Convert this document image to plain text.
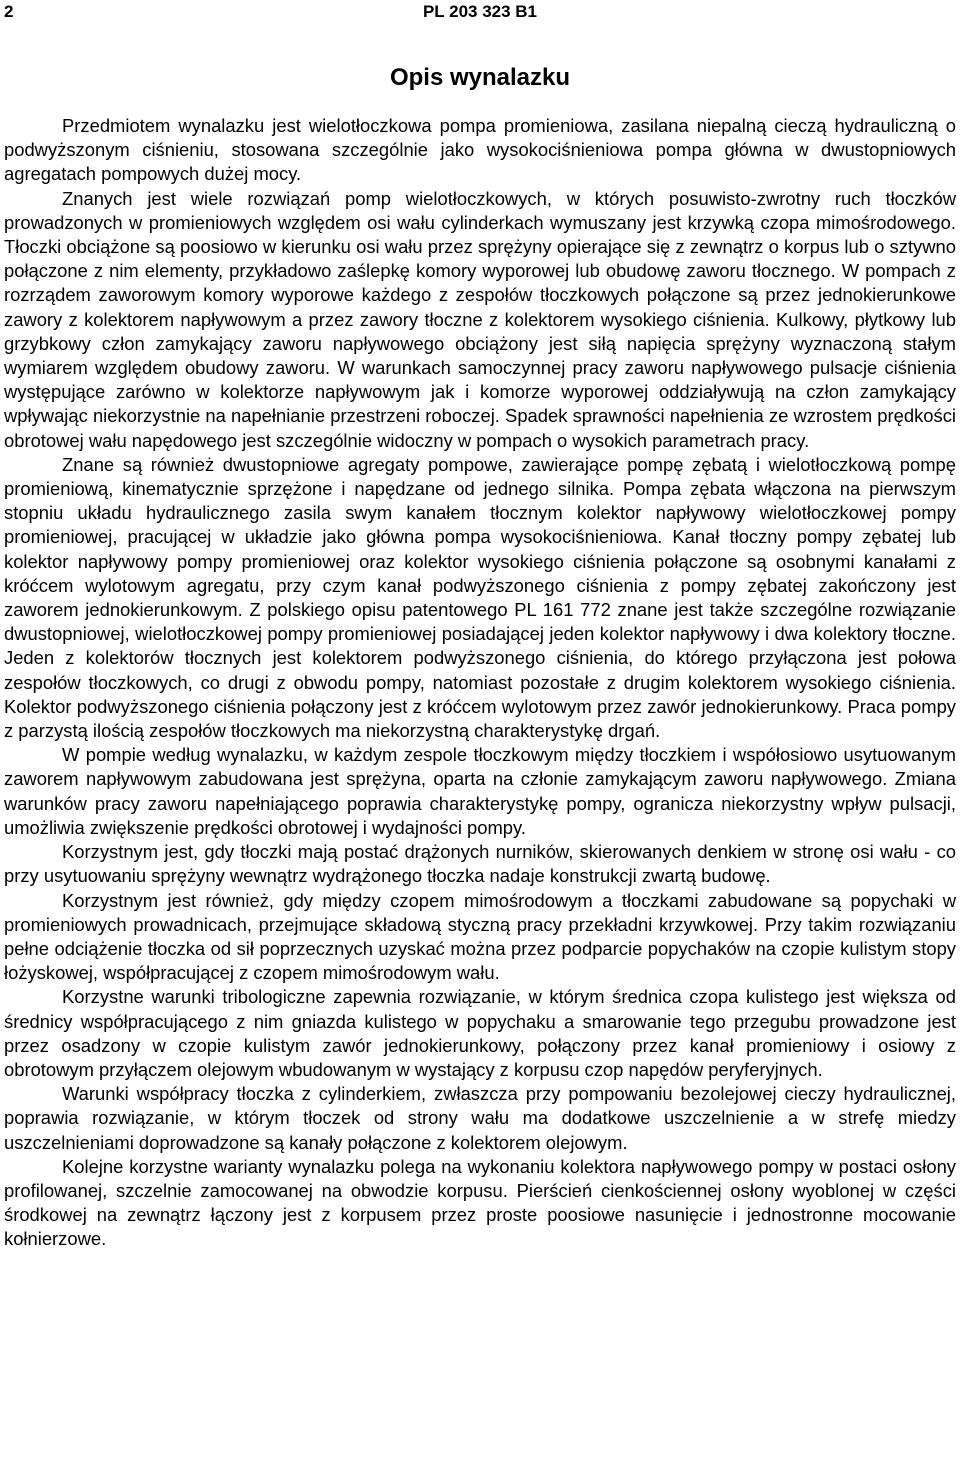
2	PL 203 323 B1
Opis wynalazku

Przedmiotem wynalazku jest wielotłoczkowa pompa promieniowa, zasilana niepalną cieczą hydrauliczną o podwyższonym ciśnieniu, stosowana szczególnie jako wysokociśnieniowa pompa główna w dwustopniowych agregatach pompowych dużej mocy.

Znanych jest wiele rozwiązań pomp wielotłoczkowych, w których posuwisto-zwrotny ruch tłoczków prowadzonych w promieniowych względem osi wału cylinderkach wymuszany jest krzywką czopa mimośrodowego. Tłoczki obciążone są poosiowo w kierunku osi wału przez sprężyny opierające się z zewnątrz o korpus lub o sztywno połączone z nim elementy, przykładowo zaślepkę komory wyporowej lub obudowę zaworu tłocznego. W pompach z rozrządem zaworowym komory wyporowe każdego z zespołów tłoczkowych połączone są przez jednokierunkowe zawory z kolektorem napływowym a przez zawory tłoczne z kolektorem wysokiego ciśnienia. Kulkowy, płytkowy lub grzybkowy człon zamykający zaworu napływowego obciążony jest siłą napięcia sprężyny wyznaczoną stałym wymiarem względem obudowy zaworu. W warunkach samoczynnej pracy zaworu napływowego pulsacje ciśnienia występujące zarówno w kolektorze napływowym jak i komorze wyporowej oddziaływują na człon zamykający wpływając niekorzystnie na napełnianie przestrzeni roboczej. Spadek sprawności napełnienia ze wzrostem prędkości obrotowej wału napędowego jest szczególnie widoczny w pompach o wysokich parametrach pracy.

Znane są również dwustopniowe agregaty pompowe, zawierające pompę zębatą i wielotłoczkową pompę promieniową, kinematycznie sprzężone i napędzane od jednego silnika. Pompa zębata włączona na pierwszym stopniu układu hydraulicznego zasila swym kanałem tłocznym kolektor napływowy wielotłoczkowej pompy promieniowej, pracującej w układzie jako główna pompa wysokociśnieniowa. Kanał tłoczny pompy zębatej lub kolektor napływowy pompy promieniowej oraz kolektor wysokiego ciśnienia połączone są osobnymi kanałami z króćcem wylotowym agregatu, przy czym kanał podwyższonego ciśnienia z pompy zębatej zakończony jest zaworem jednokierunkowym. Z polskiego opisu patentowego PL 161 772 znane jest także szczególne rozwiązanie dwustopniowej, wielotłoczkowej pompy promieniowej posiadającej jeden kolektor napływowy i dwa kolektory tłoczne. Jeden z kolektorów tłocznych jest kolektorem podwyższonego ciśnienia, do którego przyłączona jest połowa zespołów tłoczkowych, co drugi z obwodu pompy, natomiast pozostałe z drugim kolektorem wysokiego ciśnienia. Kolektor podwyższonego ciśnienia połączony jest z króćcem wylotowym przez zawór jednokierunkowy. Praca pompy z parzystą ilością zespołów tłoczkowych ma niekorzystną charakterystykę drgań.

W pompie według wynalazku, w każdym zespole tłoczkowym między tłoczkiem i współosiowo usytuowanym zaworem napływowym zabudowana jest sprężyna, oparta na członie zamykającym zaworu napływowego. Zmiana warunków pracy zaworu napełniającego poprawia charakterystykę pompy, ogranicza niekorzystny wpływ pulsacji, umożliwia zwiększenie prędkości obrotowej i wydajności pompy.

Korzystnym jest, gdy tłoczki mają postać drążonych nurników, skierowanych denkiem w stronę osi wału - co przy usytuowaniu sprężyny wewnątrz wydrążonego tłoczka nadaje konstrukcji zwartą budowę.

Korzystnym jest również, gdy między czopem mimośrodowym a tłoczkami zabudowane są popychaki w promieniowych prowadnicach, przejmujące składową styczną pracy przekładni krzywkowej. Przy takim rozwiązaniu pełne odciążenie tłoczka od sił poprzecznych uzyskać można przez podparcie popychaków na czopie kulistym stopy łożyskowej, współpracującej z czopem mimośrodowym wału.

Korzystne warunki tribologiczne zapewnia rozwiązanie, w którym średnica czopa kulistego jest większa od średnicy współpracującego z nim gniazda kulistego w popychaku a smarowanie tego przegubu prowadzone jest przez osadzony w czopie kulistym zawór jednokierunkowy, połączony przez kanał promieniowy i osiowy z obrotowym przyłączem olejowym wbudowanym w wystający z korpusu czop napędów peryferyjnych.

Warunki współpracy tłoczka z cylinderkiem, zwłaszcza przy pompowaniu bezolejowej cieczy hydraulicznej, poprawia rozwiązanie, w którym tłoczek od strony wału ma dodatkowe uszczelnienie a w strefę miedzy uszczelnieniami doprowadzone są kanały połączone z kolektorem olejowym.

Kolejne korzystne warianty wynalazku polega na wykonaniu kolektora napływowego pompy w postaci osłony profilowanej, szczelnie zamocowanej na obwodzie korpusu. Pierścień cienkościennej osłony wyoblonej w części środkowej na zewnątrz łączony jest z korpusem przez proste poosiowe nasunięcie i jednostronne mocowanie kołnierzowe.
